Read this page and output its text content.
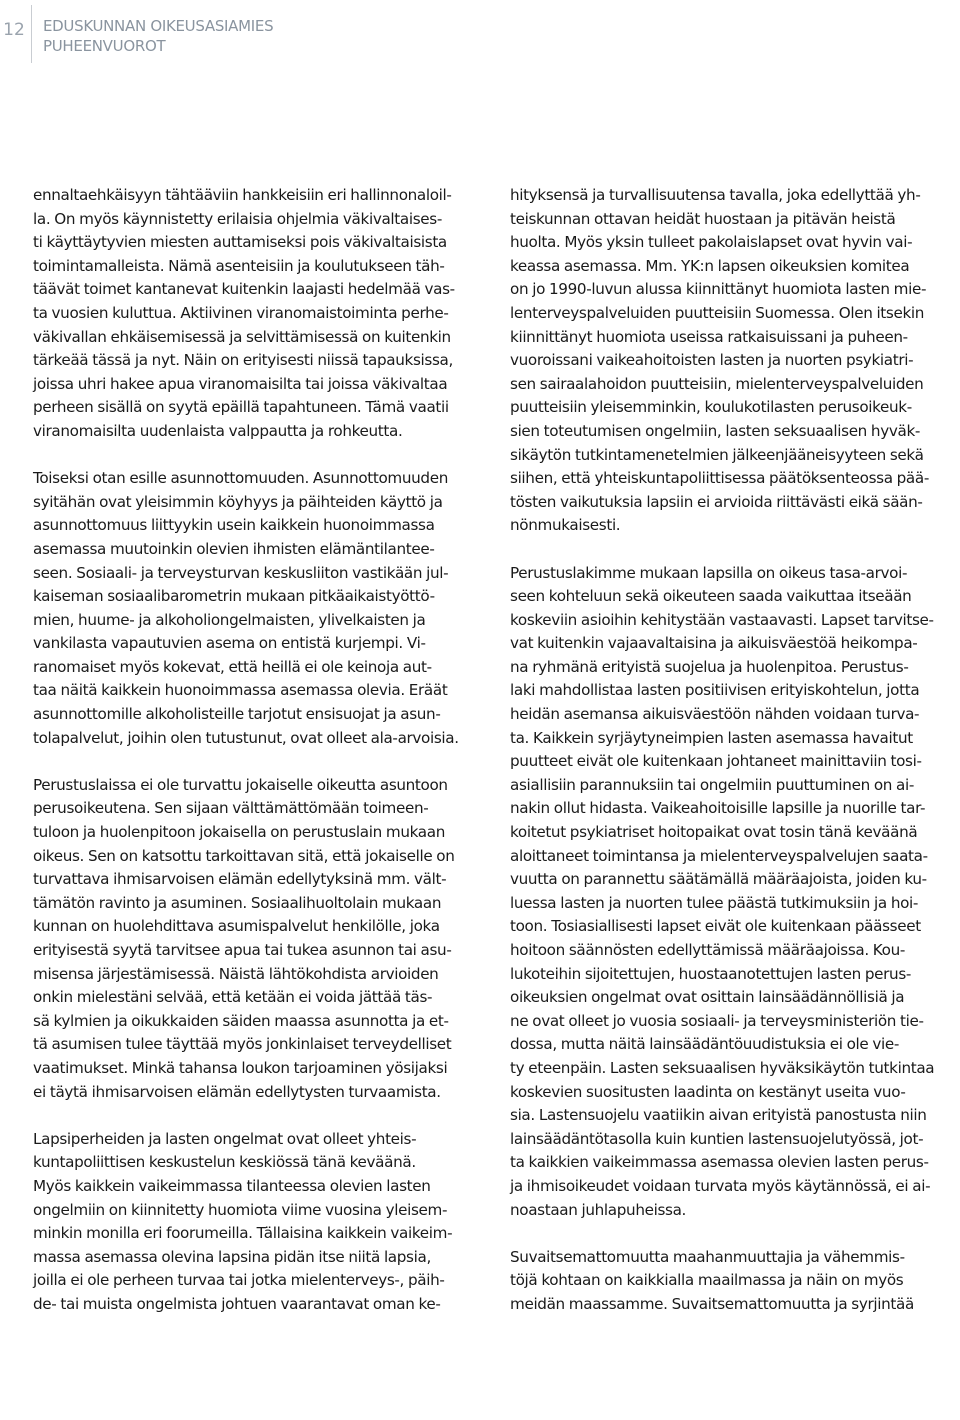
12 EDUSKUNNAN OIKEUSASIAMIES
PUHEENVUOROT
ennaltaehkäisyyn tähtääviin hankkeisiin eri hallinnonaloil-
la. On myös käynnistetty erilaisia ohjelmia väkivaltaises-
ti käyttäytyvien miesten auttamiseksi pois väkivaltaisista
toimintamalleista. Nämä asenteisiin ja koulutukseen täh-
täävät toimet kantanevat kuitenkin laajasti hedelmää vas-
ta vuosien kuluttua. Aktiivinen viranomaistoiminta perhe-
väkivallan ehkäisemisessä ja selvittämisessä on kuitenkin
tärkeää tässä ja nyt. Näin on erityisesti niissä tapauksissa,
joissa uhri hakee apua viranomaisilta tai joissa väkivaltaa
perheen sisällä on syytä epäillä tapahtuneen. Tämä vaatii
viranomaisilta uudenlaista valppautta ja rohkeutta.
Toiseksi otan esille asunnottomuuden. Asunnottomuuden
syitähän ovat yleisimmin köyhyys ja päihteiden käyttö ja
asunnottomuus liittyykin usein kaikkein huonoimmassa
asemassa muutoinkin olevien ihmisten elämäntilantee-
seen. Sosiaali- ja terveysturvan keskusliiton vastikään jul-
kaiseman sosiaalibarometrin mukaan pitkäaikaistyöttö-
mien, huume- ja alkoholiongelmaisten, ylivelkaisten ja
vankilasta vapautuvien asema on entistä kurjempi. Vi-
ranomaiset myös kokevat, että heillä ei ole keinoja aut-
taa näitä kaikkein huonoimmassa asemassa olevia. Eräät
asunnottomille alkoholisteille tarjotut ensisuojat ja asun-
tolapalvelut, joihin olen tutustunut, ovat olleet ala-arvoisia.
Perustuslaissa ei ole turvattu jokaiselle oikeutta asuntoon
perusoikeutena. Sen sijaan välttämättömään toimeen-
tuloon ja huolenpitoon jokaisella on perustuslain mukaan
oikeus. Sen on katsottu tarkoittavan sitä, että jokaiselle on
turvattava ihmisarvoisen elämän edellytyksinä mm. vält-
tämätön ravinto ja asuminen. Sosiaalihuoltolain mukaan
kunnan on huolehdittava asumispalvelut henkilölle, joka
erityisestä syytä tarvitsee apua tai tukea asunnon tai asu-
misensa järjestämisessä. Näistä lähtökohdista arvioiden
onkin mielestäni selvää, että ketään ei voida jättää täs-
sä kylmien ja oikukkaiden säiden maassa asunnotta ja et-
tä asumisen tulee täyttää myös jonkinlaiset terveydelliset
vaatimukset. Minkä tahansa loukon tarjoaminen yösijaksi
ei täytä ihmisarvoisen elämän edellytysten turvaamista.
Lapsiperheiden ja lasten ongelmat ovat olleet yhteis-
kuntapoliittisen keskustelun keskiössä tänä keväänä.
Myös kaikkein vaikeimmassa tilanteessa olevien lasten
ongelmiin on kiinnitetty huomiota viime vuosina yleisem-
minkin monilla eri foorumeilla. Tällaisina kaikkein vaikeim-
massa asemassa olevina lapsina pidän itse niitä lapsia,
joilla ei ole perheen turvaa tai jotka mielenterveys-, päih-
de- tai muista ongelmista johtuen vaarantavat oman ke-
hityksensä ja turvallisuutensa tavalla, joka edellyttää yh-
teiskunnan ottavan heidät huostaan ja pitävän heistä
huolta. Myös yksin tulleet pakolaislapset ovat hyvin vai-
keassa asemassa. Mm. YK:n lapsen oikeuksien komitea
on jo 1990-luvun alussa kiinnittänyt huomiota lasten mie-
lenterveyspalveluiden puutteisiin Suomessa. Olen itsekin
kiinnittänyt huomiota useissa ratkaisuissani ja puheen-
vuoroissani vaikeahoitoisten lasten ja nuorten psykiatri-
sen sairaalahoidon puutteisiin, mielenterveyspalveluiden
puutteisiin yleisemminkin, koulukotilasten perusoikeuk-
sien toteutumisen ongelmiin, lasten seksuaalisen hyväk-
sikäytön tutkintamenetelmien jälkeenjääneisyyteen sekä
siihen, että yhteiskuntapoliittisessa päätöksenteossa pää-
tösten vaikutuksia lapsiin ei arvioida riittävästi eikä sään-
nönmukaisesti.
Perustuslakimme mukaan lapsilla on oikeus tasa-arvoi-
seen kohteluun sekä oikeuteen saada vaikuttaa itseään
koskeviin asioihin kehitystään vastaavasti. Lapset tarvitse-
vat kuitenkin vajaavaltaisina ja aikuisväestöä heikompa-
na ryhmänä erityistä suojelua ja huolenpitoa. Perustus-
laki mahdollistaa lasten positiivisen erityiskohtelun, jotta
heidän asemansa aikuisväestöön nähden voidaan turva-
ta. Kaikkein syrjäytyneimpien lasten asemassa havaitut
puutteet eivät ole kuitenkaan johtaneet mainittaviin tosi-
asiallisiin parannuksiin tai ongelmiin puuttuminen on ai-
nakin ollut hidasta. Vaikeahoitoisille lapsille ja nuorille tar-
koitetut psykiatriset hoitopaikat ovat tosin tänä keväänä
aloittaneet toimintansa ja mielenterveyspalvelujen saata-
vuutta on parannettu säätämällä määräajoista, joiden ku-
luessa lasten ja nuorten tulee päästä tutkimuksiin ja hoi-
toon. Tosiasiallisesti lapset eivät ole kuitenkaan päässeet
hoitoon säännösten edellyttämissä määräajoissa. Kou-
lukoteihin sijoitettujen, huostaanotettujen lasten perus-
oikeuksien ongelmat ovat osittain lainsäädännöllisiä ja
ne ovat olleet jo vuosia sosiaali- ja terveysministeriön tie-
dossa, mutta näitä lainsäädäntöuudistuksia ei ole vie-
ty eteenpäin. Lasten seksuaalisen hyväksikäytön tutkintaa
koskevien suositusten laadinta on kestänyt useita vuo-
sia. Lastensuojelu vaatiikin aivan erityistä panostusta niin
lainsäädäntötasolla kuin kuntien lastensuojelutyössä, jot-
ta kaikkien vaikeimmassa asemassa olevien lasten perus-
ja ihmisoikeudet voidaan turvata myös käytännössä, ei ai-
noastaan juhlapuheissa.
Suvaitsemattomuutta maahanmuuttajia ja vähemmis-
töjä kohtaan on kaikkialla maailmassa ja näin on myös
meidän maassamme. Suvaitsemattomuutta ja syrjintää
